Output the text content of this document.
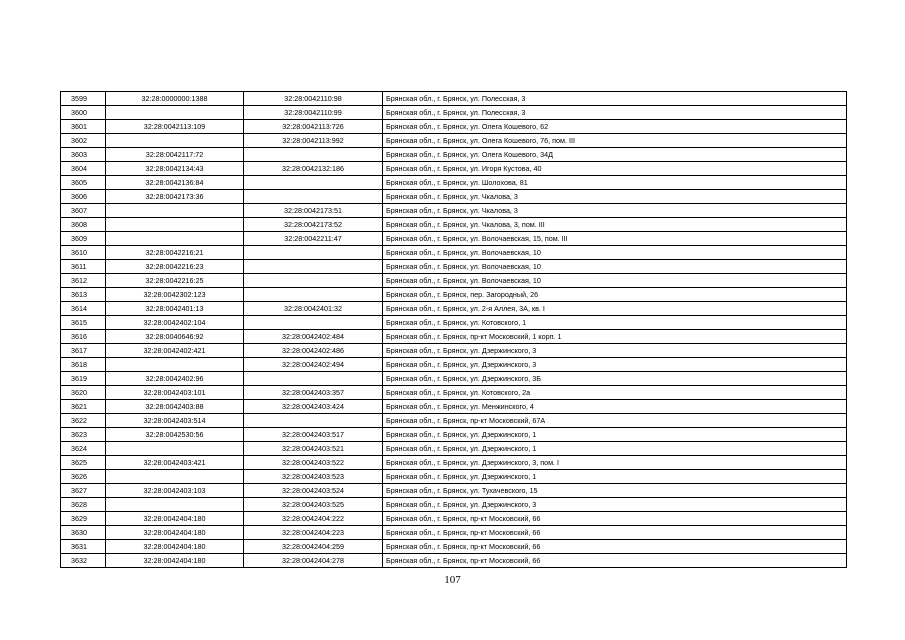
3599	32:28:0000000:1388	32:28:0042110:98	Брянская обл., г. Брянск, ул. Полесская, 3
3600		32:28:0042110:99	Брянская обл., г. Брянск, ул. Полесская, 3
3601	32:28:0042113:109	32:28:0042113:726	Брянская обл., г. Брянск, ул. Олега Кошевого, 62
3602		32:28:0042113:992	Брянская обл., г. Брянск, ул. Олега Кошевого, 76, пом. III
3603	32:28:0042117:72		Брянская обл., г. Брянск, ул. Олега Кошевого, 34Д
3604	32:28:0042134:43	32:28:0042132:186	Брянская обл., г. Брянск, ул. Игоря Кустова, 40
3605	32:28:0042136:84		Брянская обл., г. Брянск, ул. Шолохова, 81
3606	32:28:0042173:36		Брянская обл., г. Брянск, ул. Чкалова, 3
3607		32:28:0042173:51	Брянская обл., г. Брянск, ул. Чкалова, 3
3608		32:28:0042173:52	Брянская обл., г. Брянск, ул. Чкалова, 3, пом. III
3609		32:28:0042211:47	Брянская обл., г. Брянск, ул. Волочаевская, 15, пом. III
3610	32:28:0042216:21		Брянская обл., г. Брянск, ул. Волочаевская, 10
3611	32:28:0042216:23		Брянская обл., г. Брянск, ул. Волочаевская, 10
3612	32:28:0042216:25		Брянская обл., г. Брянск, ул. Волочаевская, 10
3613	32:28:0042302:123		Брянская обл., г. Брянск, пер. Загородный, 26
3614	32:28:0042401:13	32:28:0042401:32	Брянская обл., г. Брянск, ул. 2-я Аллея, 3А, кв. I
3615	32:28:0042402:104		Брянская обл., г. Брянск, ул. Котовского, 1
3616	32:28:0040646:92	32:28:0042402:484	Брянская обл., г. Брянск, пр-кт Московский, 1 корп. 1
3617	32:28:0042402:421	32:28:0042402:486	Брянская обл., г. Брянск, ул. Дзержинского, 3
3618		32:28:0042402:494	Брянская обл., г. Брянск, ул. Дзержинского, 3
3619	32:28:0042402:96		Брянская обл., г. Брянск, ул. Дзержинского, 3Б
3620	32:28:0042403:101	32:28:0042403:357	Брянская обл., г. Брянск, ул. Котовского, 2а
3621	32:28:0042403:88	32:28:0042403:424	Брянская обл., г. Брянск, ул. Менжинского, 4
3622	32:28:0042403:514		Брянская обл., г. Брянск, пр-кт Московский, 67А
3623	32:28:0042530:56	32:28:0042403:517	Брянская обл., г. Брянск, ул. Дзержинского, 1
3624		32:28:0042403:521	Брянская обл., г. Брянск, ул. Дзержинского, 1
3625	32:28:0042403:421	32:28:0042403:522	Брянская обл., г. Брянск, ул. Дзержинского, 3, пом. I
3626		32:28:0042403:523	Брянская обл., г. Брянск, ул. Дзержинского, 1
3627	32:28:0042403:103	32:28:0042403:524	Брянская обл., г. Брянск, ул. Тухачевского, 15
3628		32:28:0042403:525	Брянская обл., г. Брянск, ул. Дзержинского, 3
3629	32:28:0042404:180	32:28:0042404:222	Брянская обл., г. Брянск, пр-кт Московский, 66
3630	32:28:0042404:180	32:28:0042404:223	Брянская обл., г. Брянск, пр-кт Московский, 66
3631	32:28:0042404:180	32:28:0042404:259	Брянская обл., г. Брянск, пр-кт Московский, 66
3632	32:28:0042404:180	32:28:0042404:278	Брянская обл., г. Брянск, пр-кт Московский, 66
107
